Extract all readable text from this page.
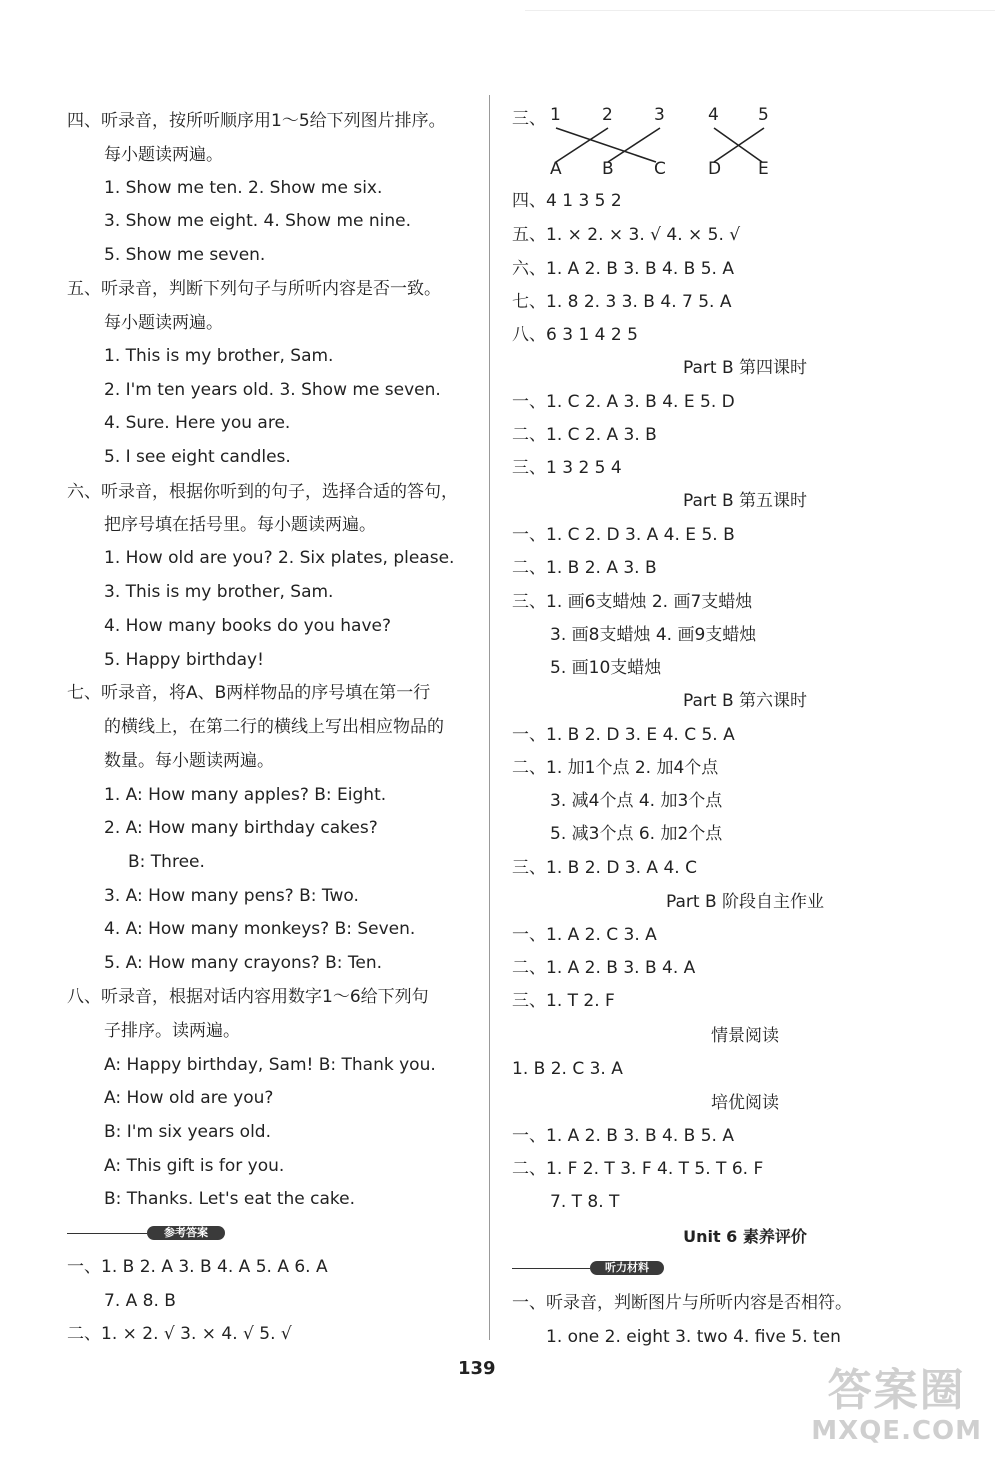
四、听录音，按所听顺序用1～5给下列图片排序。
每小题读两遍。
1. Show me ten. 2. Show me six.
3. Show me eight. 4. Show me nine.
5. Show me seven.
五、听录音，判断下列句子与所听内容是否一致。
每小题读两遍。
1. This is my brother, Sam.
2. I'm ten years old. 3. Show me seven.
4. Sure. Here you are.
5. I see eight candles.
六、听录音，根据你听到的句子，选择合适的答句，
把序号填在括号里。每小题读两遍。
1. How old are you? 2. Six plates, please.
3. This is my brother, Sam.
4. How many books do you have?
5. Happy birthday!
七、听录音，将A、B两样物品的序号填在第一行
的横线上，在第二行的横线上写出相应物品的
数量。每小题读两遍。
1. A: How many apples? B: Eight.
2. A: How many birthday cakes?
B: Three.
3. A: How many pens? B: Two.
4. A: How many monkeys? B: Seven.
5. A: How many crayons? B: Ten.
八、听录音，根据对话内容用数字1～6给下列句
子排序。读两遍。
A: Happy birthday, Sam! B: Thank you.
A: How old are you?
B: I'm six years old.
A: This gift is for you.
B: Thanks. Let's eat the cake.
参考答案
一、1. B 2. A 3. B 4. A 5. A 6. A
7. A 8. B
二、1. × 2. √ 3. × 4. √ 5. √
三、 1 2 3	4 5
A B C D E
四、4 1 3 5 2
五、1. × 2. × 3. √ 4. × 5. √
六、1. A 2. B 3. B 4. B 5. A
七、1. 8 2. 3 3. B 4. 7 5. A
八、6 3 1 4 2 5
Part B 第四课时
一、1. C 2. A 3. B 4. E 5. D
二、1. C 2. A 3. B
三、1 3 2 5 4
Part B 第五课时
一、1. C 2. D 3. A 4. E 5. B
二、1. B 2. A 3. B
三、1. 画6支蜡烛 2. 画7支蜡烛
3. 画8支蜡烛 4. 画9支蜡烛
5. 画10支蜡烛
Part B 第六课时
一、1. B 2. D 3. E 4. C 5. A
二、1. 加1个点 2. 加4个点
3. 减4个点 4. 加3个点
5. 减3个点 6. 加2个点
三、1. B 2. D 3. A 4. C
Part B 阶段自主作业
一、1. A 2. C 3. A
二、1. A 2. B 3. B 4. A
三、1. T 2. F
情景阅读
1. B 2. C 3. A
培优阅读
一、1. A 2. B 3. B 4. B 5. A
二、1. F 2. T 3. F 4. T 5. T 6. F
7. T 8. T
Unit 6 素养评价
听力材料
一、听录音，判断图片与所听内容是否相符。
1. one 2. eight 3. two 4. five 5. ten
139	答案圈
MXQE.COM
